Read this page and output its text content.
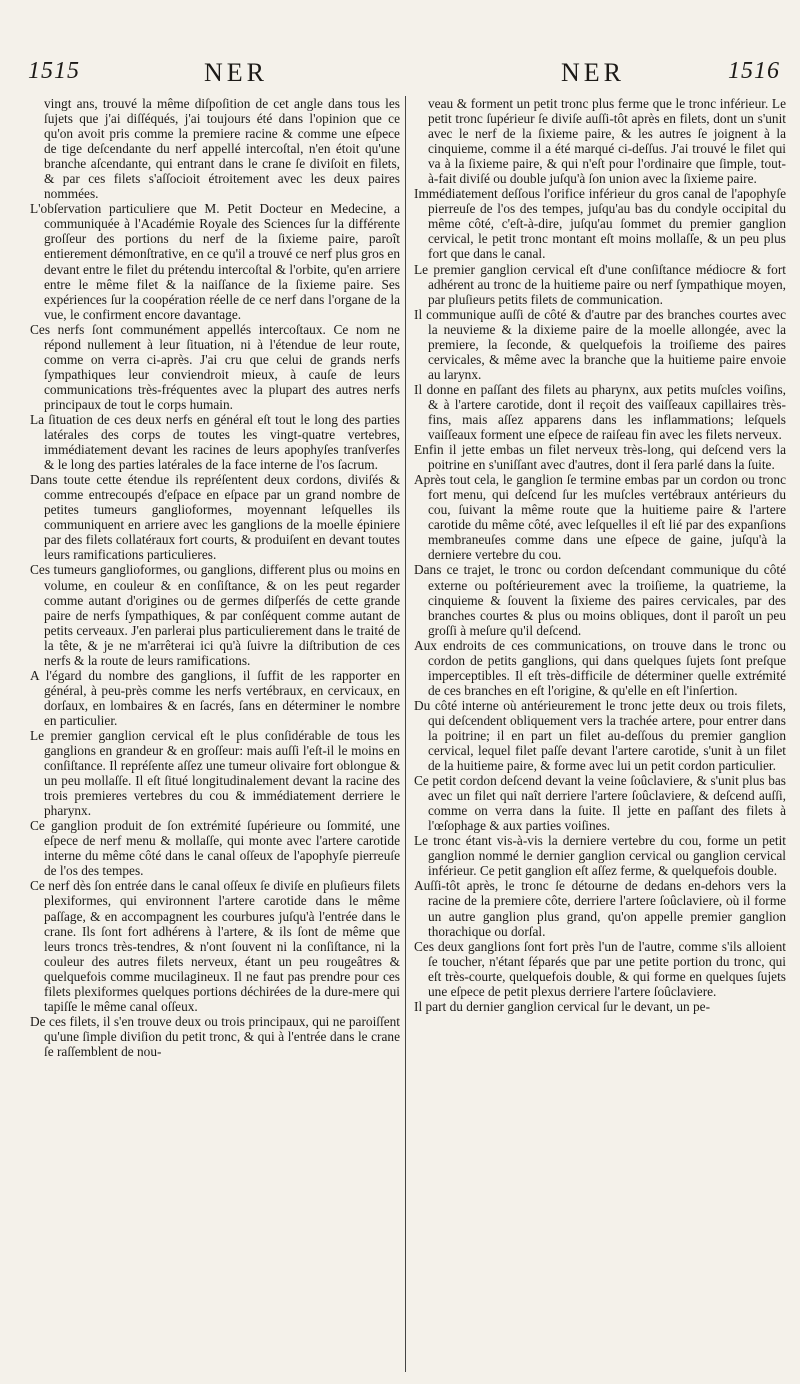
1515	NER	NER	1516

vingt ans, trouvé la même diſpoſition de cet angle dans tous les ſujets que j'ai diſſéqués, j'ai toujours été dans l'opinion que ce qu'on avoit pris comme la premiere racine & comme une eſpece de tige deſcendante du nerf appellé intercoſtal, n'en étoit qu'une branche aſcendante, qui entrant dans le crane ſe diviſoit en filets, & par ces filets s'aſſocioit étroitement avec les deux paires nommées.

L'obſervation particuliere que M. Petit Docteur en Medecine, a communiquée à l'Académie Royale des Sciences ſur la différente groſſeur des portions du nerf de la ſixieme paire, paroît entierement démonſtrative, en ce qu'il a trouvé ce nerf plus gros en devant entre le filet du prétendu intercoſtal & l'orbite, qu'en arriere entre le même filet & la naiſſance de la ſixieme paire. Ses expériences ſur la coopération réelle de ce nerf dans l'organe de la vue, le confirment encore davantage.

Ces nerfs ſont communément appellés intercoſtaux. Ce nom ne répond nullement à leur ſituation, ni à l'étendue de leur route, comme on verra ci-après. J'ai cru que celui de grands nerfs ſympathiques leur conviendroit mieux, à cauſe de leurs communications très-fréquentes avec la plupart des autres nerfs principaux de tout le corps humain.

La ſituation de ces deux nerfs en général eſt tout le long des parties latérales des corps de toutes les vingt-quatre vertebres, immédiatement devant les racines de leurs apophyſes tranſverſes & le long des parties latérales de la face interne de l'os ſacrum.

Dans toute cette étendue ils repréſentent deux cordons, diviſés & comme entrecoupés d'eſpace en eſpace par un grand nombre de petites tumeurs ganglioformes, moyennant leſquelles ils communiquent en arriere avec les ganglions de la moelle épiniere par des filets collatéraux fort courts, & produiſent en devant toutes leurs ramifications particulieres.

Ces tumeurs ganglioformes, ou ganglions, different plus ou moins en volume, en couleur & en conſiſtance, & on les peut regarder comme autant d'origines ou de germes diſperſés de cette grande paire de nerfs ſympathiques, & par conſéquent comme autant de petits cerveaux. J'en parlerai plus particulierement dans le traité de la tête, & je ne m'arrêterai ici qu'à ſuivre la diſtribution de ces nerfs & la route de leurs ramifications.

A l'égard du nombre des ganglions, il ſuffit de les rapporter en général, à peu-près comme les nerfs vertébraux, en cervicaux, en dorſaux, en lombaires & en ſacrés, ſans en déterminer le nombre en particulier.

Le premier ganglion cervical eſt le plus conſidérable de tous les ganglions en grandeur & en groſſeur: mais auſſi l'eſt-il le moins en conſiſtance. Il repréſente aſſez une tumeur olivaire fort oblongue & un peu mollaſſe. Il eſt ſitué longitudinalement devant la racine des trois premieres vertebres du cou & immédiatement derriere le pharynx.

Ce ganglion produit de ſon extrémité ſupérieure ou ſommité, une eſpece de nerf menu & mollaſſe, qui monte avec l'artere carotide interne du même côté dans le canal oſſeux de l'apophyſe pierreuſe de l'os des tempes.

Ce nerf dès ſon entrée dans le canal oſſeux ſe diviſe en pluſieurs filets plexiformes, qui environnent l'artere carotide dans le même paſſage, & en accompagnent les courbures juſqu'à l'entrée dans le crane. Ils ſont fort adhérens à l'artere, & ils ſont de même que leurs troncs très-tendres, & n'ont ſouvent ni la conſiſtance, ni la couleur des autres filets nerveux, étant un peu rougeâtres & quelquefois comme mucilagineux. Il ne faut pas prendre pour ces filets plexiformes quelques portions déchirées de la dure-mere qui tapiſſe le même canal oſſeux.

De ces filets, il s'en trouve deux ou trois principaux, qui ne paroiſſent qu'une ſimple diviſion du petit tronc, & qui à l'entrée dans le crane ſe raſſemblent de nou-

veau & forment un petit tronc plus ferme que le tronc inférieur. Le petit tronc ſupérieur ſe diviſe auſſi-tôt après en filets, dont un s'unit avec le nerf de la ſixieme paire, & les autres ſe joignent à la cinquieme, comme il a été marqué ci-deſſus. J'ai trouvé le filet qui va à la ſixieme paire, & qui n'eſt pour l'ordinaire que ſimple, tout-à-fait diviſé ou double juſqu'à ſon union avec la ſixieme paire.

Immédiatement deſſous l'orifice inférieur du gros canal de l'apophyſe pierreuſe de l'os des tempes, juſqu'au bas du condyle occipital du même côté, c'eſt-à-dire, juſqu'au ſommet du premier ganglion cervical, le petit tronc montant eſt moins mollaſſe, & un peu plus fort que dans le canal.

Le premier ganglion cervical eſt d'une conſiſtance médiocre & fort adhérent au tronc de la huitieme paire ou nerf ſympathique moyen, par pluſieurs petits filets de communication.

Il communique auſſi de côté & d'autre par des branches courtes avec la neuvieme & la dixieme paire de la moelle allongée, avec la premiere, la ſeconde, & quelquefois la troiſieme des paires cervicales, & même avec la branche que la huitieme paire envoie au larynx.

Il donne en paſſant des filets au pharynx, aux petits muſcles voiſins, & à l'artere carotide, dont il reçoit des vaiſſeaux capillaires très-fins, mais aſſez apparens dans les inflammations; leſquels vaiſſeaux forment une eſpece de raiſeau fin avec les filets nerveux.

Enfin il jette embas un filet nerveux très-long, qui deſcend vers la poitrine en s'uniſſant avec d'autres, dont il ſera parlé dans la ſuite.

Après tout cela, le ganglion ſe termine embas par un cordon ou tronc fort menu, qui deſcend ſur les muſcles vertébraux antérieurs du cou, ſuivant la même route que la huitieme paire & l'artere carotide du même côté, avec leſquelles il eſt lié par des expanſions membraneuſes comme dans une eſpece de gaine, juſqu'à la derniere vertebre du cou.

Dans ce trajet, le tronc ou cordon deſcendant communique du côté externe ou poſtérieurement avec la troiſieme, la quatrieme, la cinquieme & ſouvent la ſixieme des paires cervicales, par des branches courtes & plus ou moins obliques, dont il paroît un peu groſſi à meſure qu'il deſcend.

Aux endroits de ces communications, on trouve dans le tronc ou cordon de petits ganglions, qui dans quelques ſujets ſont preſque imperceptibles. Il eſt très-difficile de déterminer quelle extrémité de ces branches en eſt l'origine, & qu'elle en eſt l'inſertion.

Du côté interne où antérieurement le tronc jette deux ou trois filets, qui deſcendent obliquement vers la trachée artere, pour entrer dans la poitrine; il en part un filet au-deſſous du premier ganglion cervical, lequel filet paſſe devant l'artere carotide, s'unit à un filet de la huitieme paire, & forme avec lui un petit cordon particulier.

Ce petit cordon deſcend devant la veine ſoûclaviere, & s'unit plus bas avec un filet qui naît derriere l'artere ſoûclaviere, & deſcend auſſi, comme on verra dans la ſuite. Il jette en paſſant des filets à l'œſophage & aux parties voiſines.

Le tronc étant vis-à-vis la derniere vertebre du cou, forme un petit ganglion nommé le dernier ganglion cervical ou ganglion cervical inférieur. Ce petit ganglion eſt aſſez ferme, & quelquefois double.

Auſſi-tôt après, le tronc ſe détourne de dedans en-dehors vers la racine de la premiere côte, derriere l'artere ſoûclaviere, où il forme un autre ganglion plus grand, qu'on appelle premier ganglion thorachique ou dorſal.

Ces deux ganglions ſont fort près l'un de l'autre, comme s'ils alloient ſe toucher, n'étant ſéparés que par une petite portion du tronc, qui eſt très-courte, quelquefois double, & qui forme en quelques ſujets une eſpece de petit plexus derriere l'artere ſoûclaviere.

Il part du dernier ganglion cervical ſur le devant, un pe-
